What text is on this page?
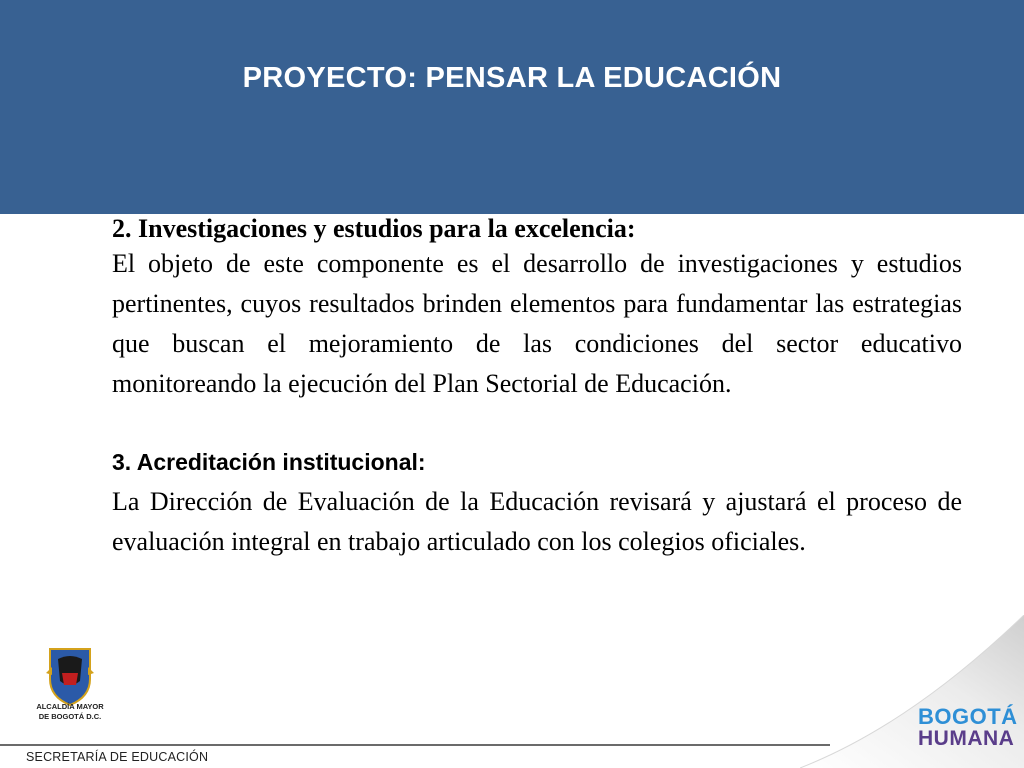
PROYECTO: PENSAR LA EDUCACIÓN
2. Investigaciones y estudios para la excelencia:
El objeto de este componente es el desarrollo de investigaciones y estudios pertinentes, cuyos resultados brinden elementos para fundamentar las estrategias que buscan el mejoramiento de las condiciones del sector educativo monitoreando la ejecución del Plan Sectorial de Educación.
3. Acreditación institucional:
La Dirección de Evaluación de la Educación revisará y ajustará el proceso de evaluación integral en trabajo articulado con los colegios oficiales.
ALCALDÍA MAYOR
DE BOGOTÁ D.C.
SECRETARÍA DE EDUCACIÓN
BOGOTÁ
HUMANA
